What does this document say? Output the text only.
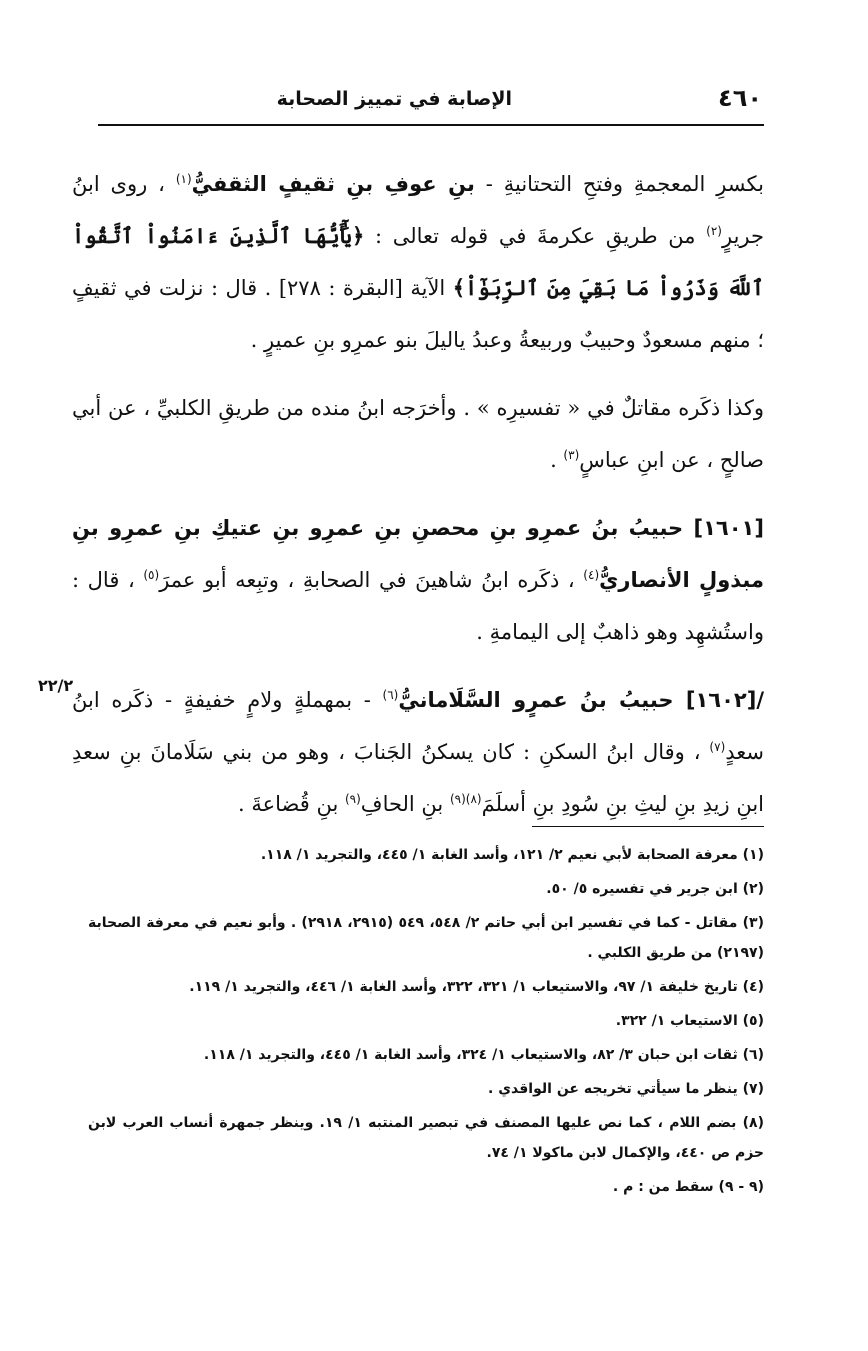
٤٦٠
الإصابة في تمييز الصحابة
٢٢/٢

بكسرِ المعجمةِ وفتحِ التحتانيةِ - بنِ عوفِ بنِ ثقيفٍ الثقفيُّ$^{(١)}$ ، روى ابنُ جريرٍ$^{(٢)}$ من طريقِ عكرمةَ في قوله تعالى : ﴿يَٰٓأَيُّهَا ٱلَّذِينَ ءَامَنُواْ ٱتَّقُواْ ٱللَّهَ وَذَرُواْ مَا بَقِيَ مِنَ ٱلرِّبَوٰٓاْ﴾ الآية [البقرة : ٢٧٨] . قال : نزلت في ثقيفٍ ؛ منهم مسعودٌ وحبيبٌ وربيعةُ وعبدُ ياليلَ بنو عمرِو بنِ عميرٍ .

وكذا ذكَره مقاتلٌ في « تفسيرِه » . وأخرَجه ابنُ منده من طريقِ الكلبيِّ ، عن أبي صالحٍ ، عن ابنِ عباسٍ$^{(٣)}$ .

[١٦٠١] حبيبُ بنُ عمرِو بنِ محصنِ بنِ عمرِو بنِ عتيكِ بنِ عمرِو بنِ مبذولٍ الأنصاريُّ$^{(٤)}$ ، ذكَره ابنُ شاهينَ في الصحابةِ ، وتبِعه أبو عمرَ$^{(٥)}$ ، قال : واستُشهِد وهو ذاهبٌ إلى اليمامةِ .

/[١٦٠٢] حبيبُ بنُ عمرٍو السَّلَامانيُّ$^{(٦)}$ - بمهملةٍ ولامٍ خفيفةٍ - ذكَره ابنُ سعدٍ$^{(٧)}$ ، وقال ابنُ السكنِ : كان يسكنُ الجَنابَ ، وهو من بني سَلَامانَ بنِ سعدِ ابنِ زيدِ بنِ ليثِ بنِ سُودِ بنِ أسلَمَ$^{(٨)(٩)}$ بنِ الحافِ$^{(٩)}$ بنِ قُضاعةَ .

(١) معرفة الصحابة لأبي نعيم ٢/ ١٢١، وأسد الغابة ١/ ٤٤٥، والتجريد ١/ ١١٨.
(٢) ابن جرير في تفسيره ٥/ ٥٠.
(٣) مقاتل - كما في تفسير ابن أبي حاتم ٢/ ٥٤٨، ٥٤٩ (٢٩١٥، ٢٩١٨) . وأبو نعيم في معرفة الصحابة (٢١٩٧) من طريق الكلبي .
(٤) تاريخ خليفة ١/ ٩٧، والاستيعاب ١/ ٣٢١، ٣٢٢، وأسد الغابة ١/ ٤٤٦، والتجريد ١/ ١١٩.
(٥) الاستيعاب ١/ ٣٢٢.
(٦) ثقات ابن حبان ٣/ ٨٢، والاستيعاب ١/ ٣٢٤، وأسد الغابة ١/ ٤٤٥، والتجريد ١/ ١١٨.
(٧) ينظر ما سيأتي تخريجه عن الواقدي .
(٨) بضم اللام ، كما نص عليها المصنف في تبصير المنتبه ١/ ١٩. وينظر جمهرة أنساب العرب لابن حزم ص ٤٤٠، والإكمال لابن ماكولا ١/ ٧٤.
(٩ - ٩) سقط من : م .
